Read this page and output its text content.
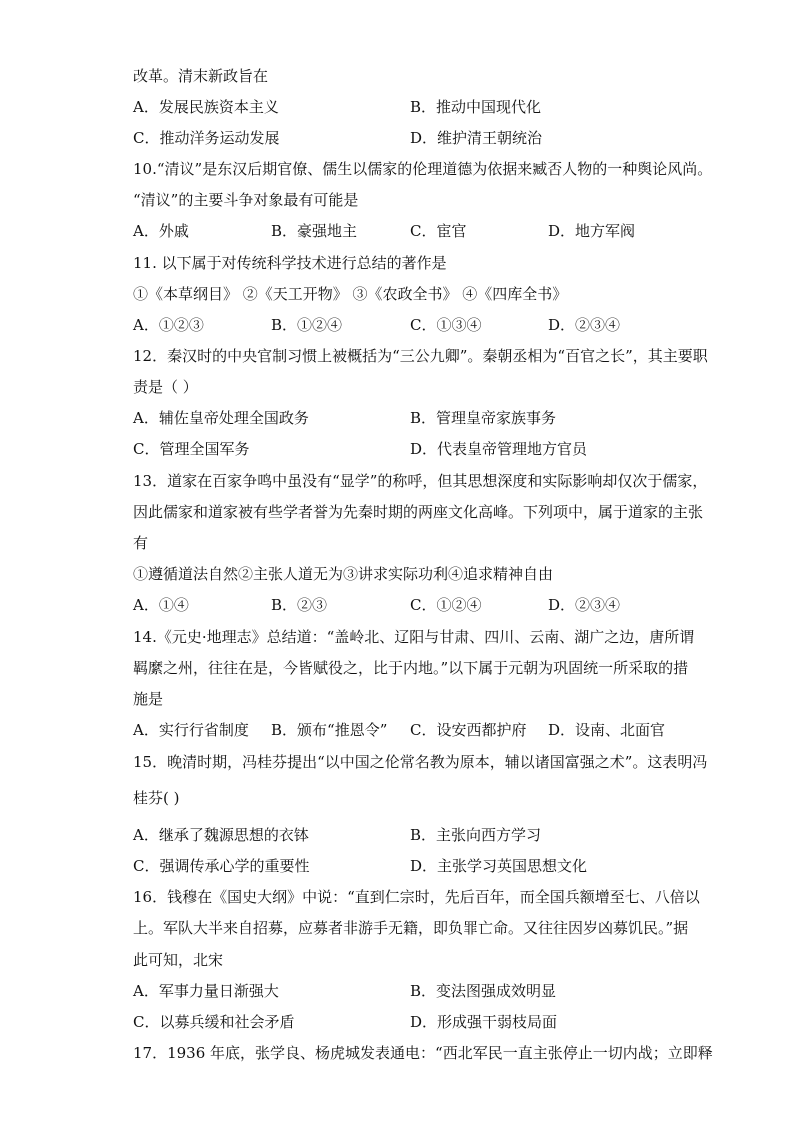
改革。清末新政旨在
A．发展民族资本主义	B．推动中国现代化
C．推动洋务运动发展	D．维护清王朝统治
10.“清议”是东汉后期官僚、儒生以儒家的伦理道德为依据来臧否人物的一种舆论风尚。
“清议”的主要斗争对象最有可能是
A．外戚	B．豪强地主	C．宦官	D．地方军阀
11. 以下属于对传统科学技术进行总结的著作是
①《本草纲目》 ②《天工开物》 ③《农政全书》 ④《四库全书》
A．①②③	B．①②④	C．①③④	D．②③④
12．秦汉时的中央官制习惯上被概括为“三公九卿”。秦朝丞相为“百官之长”，其主要职
责是（ ）
A．辅佐皇帝处理全国政务	B．管理皇帝家族事务
C．管理全国军务	D．代表皇帝管理地方官员
13．道家在百家争鸣中虽没有“显学”的称呼，但其思想深度和实际影响却仅次于儒家，
因此儒家和道家被有些学者誉为先秦时期的两座文化高峰。下列项中，属于道家的主张
有
①遵循道法自然②主张人道无为③讲求实际功利④追求精神自由
A．①④	B．②③	C．①②④	D．②③④
14.《元史·地理志》总结道：“盖岭北、辽阳与甘肃、四川、云南、湖广之边，唐所谓
羁縻之州，往往在是，今皆赋役之，比于内地。”以下属于元朝为巩固统一所采取的措
施是
A．实行行省制度 B．颁布“推恩令” C．设安西都护府 D．设南、北面官
15．晚清时期，冯桂芬提出“以中国之伦常名教为原本，辅以诸国富强之术”。这表明冯
桂芬( )
A．继承了魏源思想的衣钵	B．主张向西方学习
C．强调传承心学的重要性	D．主张学习英国思想文化
16．钱穆在《国史大纲》中说：“直到仁宗时，先后百年，而全国兵额增至七、八倍以
上。军队大半来自招募，应募者非游手无籍，即负罪亡命。又往往因岁凶募饥民。”据
此可知，北宋
A．军事力量日渐强大	B．变法图强成效明显
C．以募兵缓和社会矛盾	D．形成强干弱枝局面
17．1936 年底，张学良、杨虎城发表通电：“西北军民一直主张停止一切内战；立即释
